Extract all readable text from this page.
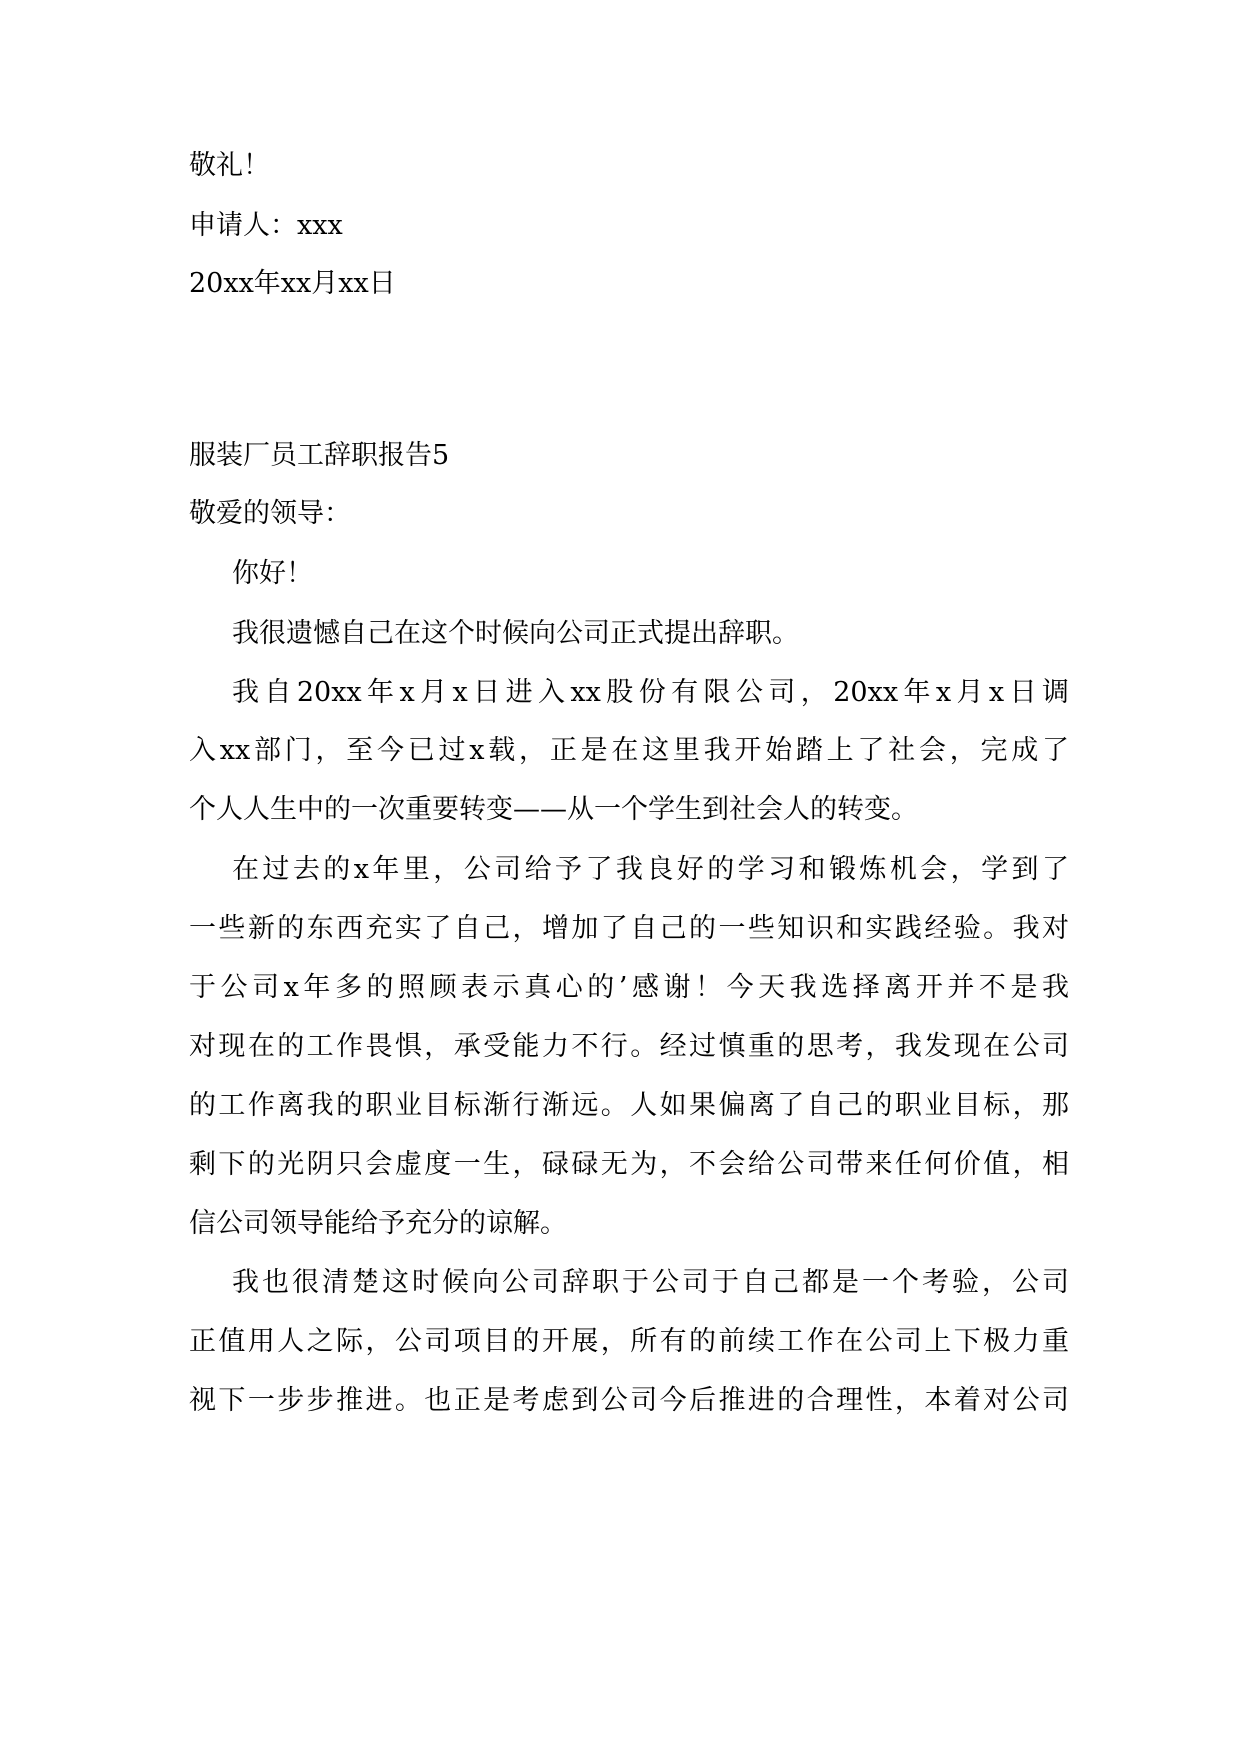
敬礼！
申请人：xxx
20xx年xx月xx日
服装厂员工辞职报告5
敬爱的领导：
你好！
我很遗憾自己在这个时候向公司正式提出辞职。
我自20xx年x月x日进入xx股份有限公司，20xx年x月x日调
入xx部门，至今已过x载，正是在这里我开始踏上了社会，完成了
个人人生中的一次重要转变——从一个学生到社会人的转变。
在过去的x年里，公司给予了我良好的学习和锻炼机会，学到了
一些新的东西充实了自己，增加了自己的一些知识和实践经验。我对
于公司x年多的照顾表示真心的’感谢！今天我选择离开并不是我
对现在的工作畏惧，承受能力不行。经过慎重的思考，我发现在公司
的工作离我的职业目标渐行渐远。人如果偏离了自己的职业目标，那
剩下的光阴只会虚度一生，碌碌无为，不会给公司带来任何价值，相
信公司领导能给予充分的谅解。
我也很清楚这时候向公司辞职于公司于自己都是一个考验，公司
正值用人之际，公司项目的开展，所有的前续工作在公司上下极力重
视下一步步推进。也正是考虑到公司今后推进的合理性，本着对公司
